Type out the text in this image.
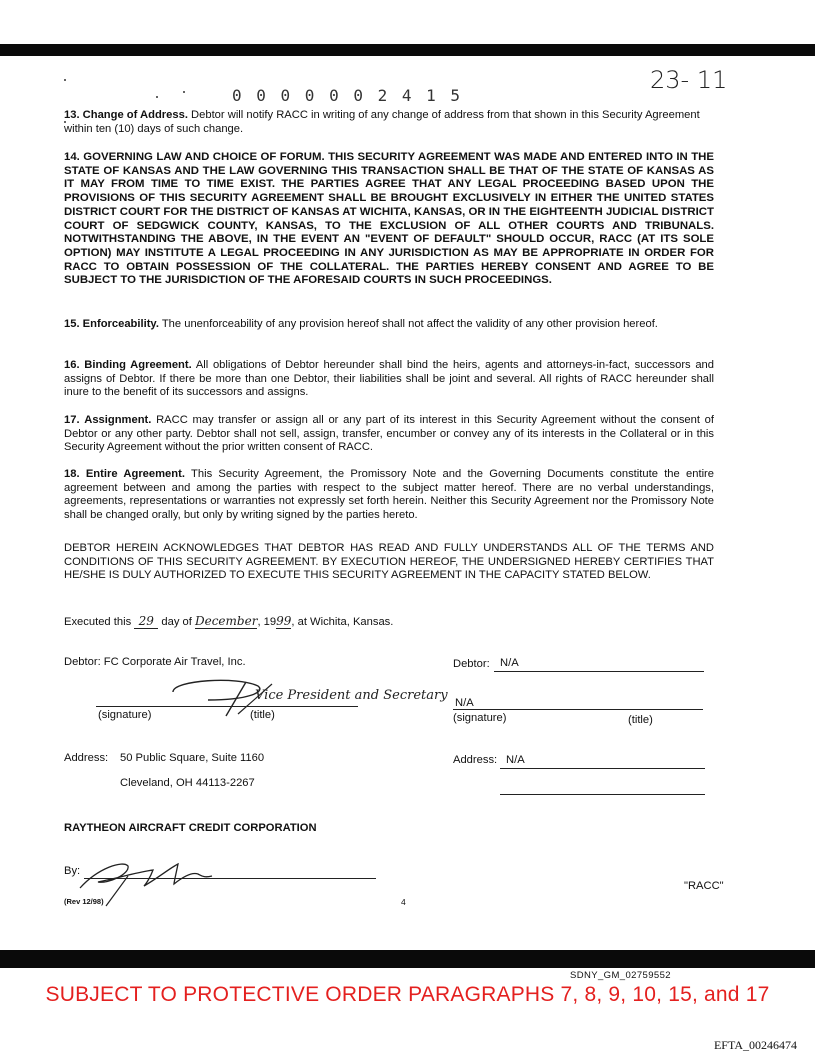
0 0 0 0 0 0 2 4 1 5
23- 11

13. Change of Address. Debtor will notify RACC in writing of any change of address from that shown in this Security Agreement within ten (10) days of such change.

14. GOVERNING LAW AND CHOICE OF FORUM. THIS SECURITY AGREEMENT WAS MADE AND ENTERED INTO IN THE STATE OF KANSAS AND THE LAW GOVERNING THIS TRANSACTION SHALL BE THAT OF THE STATE OF KANSAS AS IT MAY FROM TIME TO TIME EXIST. THE PARTIES AGREE THAT ANY LEGAL PROCEEDING BASED UPON THE PROVISIONS OF THIS SECURITY AGREEMENT SHALL BE BROUGHT EXCLUSIVELY IN EITHER THE UNITED STATES DISTRICT COURT FOR THE DISTRICT OF KANSAS AT WICHITA, KANSAS, OR IN THE EIGHTEENTH JUDICIAL DISTRICT COURT OF SEDGWICK COUNTY, KANSAS, TO THE EXCLUSION OF ALL OTHER COURTS AND TRIBUNALS. NOTWITHSTANDING THE ABOVE, IN THE EVENT AN "EVENT OF DEFAULT" SHOULD OCCUR, RACC (AT ITS SOLE OPTION) MAY INSTITUTE A LEGAL PROCEEDING IN ANY JURISDICTION AS MAY BE APPROPRIATE IN ORDER FOR RACC TO OBTAIN POSSESSION OF THE COLLATERAL. THE PARTIES HEREBY CONSENT AND AGREE TO BE SUBJECT TO THE JURISDICTION OF THE AFORESAID COURTS IN SUCH PROCEEDINGS.

15. Enforceability. The unenforceability of any provision hereof shall not affect the validity of any other provision hereof.

16. Binding Agreement. All obligations of Debtor hereunder shall bind the heirs, agents and attorneys-in-fact, successors and assigns of Debtor. If there be more than one Debtor, their liabilities shall be joint and several. All rights of RACC hereunder shall inure to the benefit of its successors and assigns.

17. Assignment. RACC may transfer or assign all or any part of its interest in this Security Agreement without the consent of Debtor or any other party. Debtor shall not sell, assign, transfer, encumber or convey any of its interests in the Collateral or in this Security Agreement without the prior written consent of RACC.

18. Entire Agreement. This Security Agreement, the Promissory Note and the Governing Documents constitute the entire agreement between and among the parties with respect to the subject matter hereof. There are no verbal understandings, agreements, representations or warranties not expressly set forth herein. Neither this Security Agreement nor the Promissory Note shall be changed orally, but only by writing signed by the parties hereto.

DEBTOR HEREIN ACKNOWLEDGES THAT DEBTOR HAS READ AND FULLY UNDERSTANDS ALL OF THE TERMS AND CONDITIONS OF THIS SECURITY AGREEMENT. BY EXECUTION HEREOF, THE UNDERSIGNED HEREBY CERTIFIES THAT HE/SHE IS DULY AUTHORIZED TO EXECUTE THIS SECURITY AGREEMENT IN THE CAPACITY STATED BELOW.

Executed this 29 day of December, 1999, at Wichita, Kansas.
Debtor: FC Corporate Air Travel, Inc.
Vice President and Secretary
(signature)	(title)
Address: 50 Public Square, Suite 1160
Cleveland, OH 44113-2267
Debtor: N/A
N/A
(signature)	(title)
Address: N/A
RAYTHEON AIRCRAFT CREDIT CORPORATION
By:
"RACC"
(Rev 12/98)	4
SDNY_GM_02759552
SUBJECT TO PROTECTIVE ORDER PARAGRAPHS 7, 8, 9, 10, 15, and 17
EFTA_00246474
